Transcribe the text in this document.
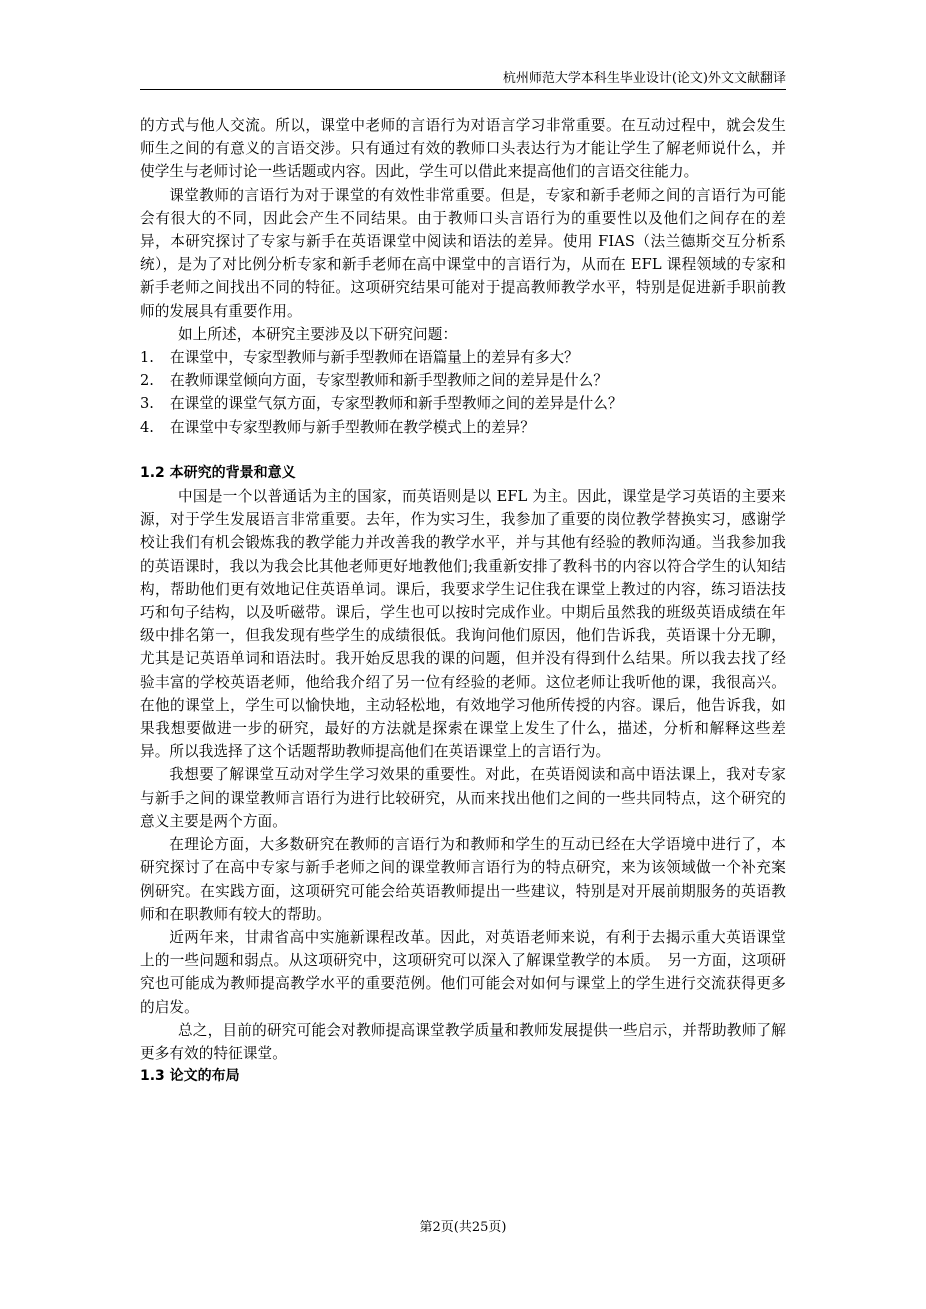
杭州师范大学本科生毕业设计(论文)外文文献翻译

的方式与他人交流。所以，课堂中老师的言语行为对语言学习非常重要。在互动过程中，就会发生师生之间的有意义的言语交涉。只有通过有效的教师口头表达行为才能让学生了解老师说什么，并使学生与老师讨论一些话题或内容。因此，学生可以借此来提高他们的言语交往能力。

课堂教师的言语行为对于课堂的有效性非常重要。但是，专家和新手老师之间的言语行为可能会有很大的不同，因此会产生不同结果。由于教师口头言语行为的重要性以及他们之间存在的差异，本研究探讨了专家与新手在英语课堂中阅读和语法的差异。使用 FIAS（法兰德斯交互分析系统），是为了对比例分析专家和新手老师在高中课堂中的言语行为，从而在 EFL 课程领域的专家和新手老师之间找出不同的特征。这项研究结果可能对于提高教师教学水平，特别是促进新手职前教师的发展具有重要作用。

如上所述，本研究主要涉及以下研究问题：

1.	在课堂中，专家型教师与新手型教师在语篇量上的差异有多大？
2.	在教师课堂倾向方面，专家型教师和新手型教师之间的差异是什么？
3.	在课堂的课堂气氛方面，专家型教师和新手型教师之间的差异是什么？
4.	在课堂中专家型教师与新手型教师在教学模式上的差异？
1.2 本研究的背景和意义

中国是一个以普通话为主的国家，而英语则是以 EFL 为主。因此，课堂是学习英语的主要来源，对于学生发展语言非常重要。去年，作为实习生，我参加了重要的岗位教学替换实习，感谢学校让我们有机会锻炼我的教学能力并改善我的教学水平，并与其他有经验的教师沟通。当我参加我的英语课时，我以为我会比其他老师更好地教他们;我重新安排了教科书的内容以符合学生的认知结构，帮助他们更有效地记住英语单词。课后，我要求学生记住我在课堂上教过的内容，练习语法技巧和句子结构，以及听磁带。课后，学生也可以按时完成作业。中期后虽然我的班级英语成绩在年级中排名第一，但我发现有些学生的成绩很低。我询问他们原因，他们告诉我，英语课十分无聊，尤其是记英语单词和语法时。我开始反思我的课的问题，但并没有得到什么结果。所以我去找了经验丰富的学校英语老师，他给我介绍了另一位有经验的老师。这位老师让我听他的课，我很高兴。在他的课堂上，学生可以愉快地，主动轻松地，有效地学习他所传授的内容。课后，他告诉我，如果我想要做进一步的研究，最好的方法就是探索在课堂上发生了什么，描述，分析和解释这些差异。所以我选择了这个话题帮助教师提高他们在英语课堂上的言语行为。

我想要了解课堂互动对学生学习效果的重要性。对此，在英语阅读和高中语法课上，我对专家与新手之间的课堂教师言语行为进行比较研究，从而来找出他们之间的一些共同特点，这个研究的意义主要是两个方面。

在理论方面，大多数研究在教师的言语行为和教师和学生的互动已经在大学语境中进行了，本研究探讨了在高中专家与新手老师之间的课堂教师言语行为的特点研究，来为该领域做一个补充案例研究。在实践方面，这项研究可能会给英语教师提出一些建议，特别是对开展前期服务的英语教师和在职教师有较大的帮助。

近两年来，甘肃省高中实施新课程改革。因此，对英语老师来说，有利于去揭示重大英语课堂上的一些问题和弱点。从这项研究中，这项研究可以深入了解课堂教学的本质。　另一方面，这项研究也可能成为教师提高教学水平的重要范例。他们可能会对如何与课堂上的学生进行交流获得更多的启发。

总之，目前的研究可能会对教师提高课堂教学质量和教师发展提供一些启示，并帮助教师了解更多有效的特征课堂。

1.3 论文的布局
第2页(共25页)
